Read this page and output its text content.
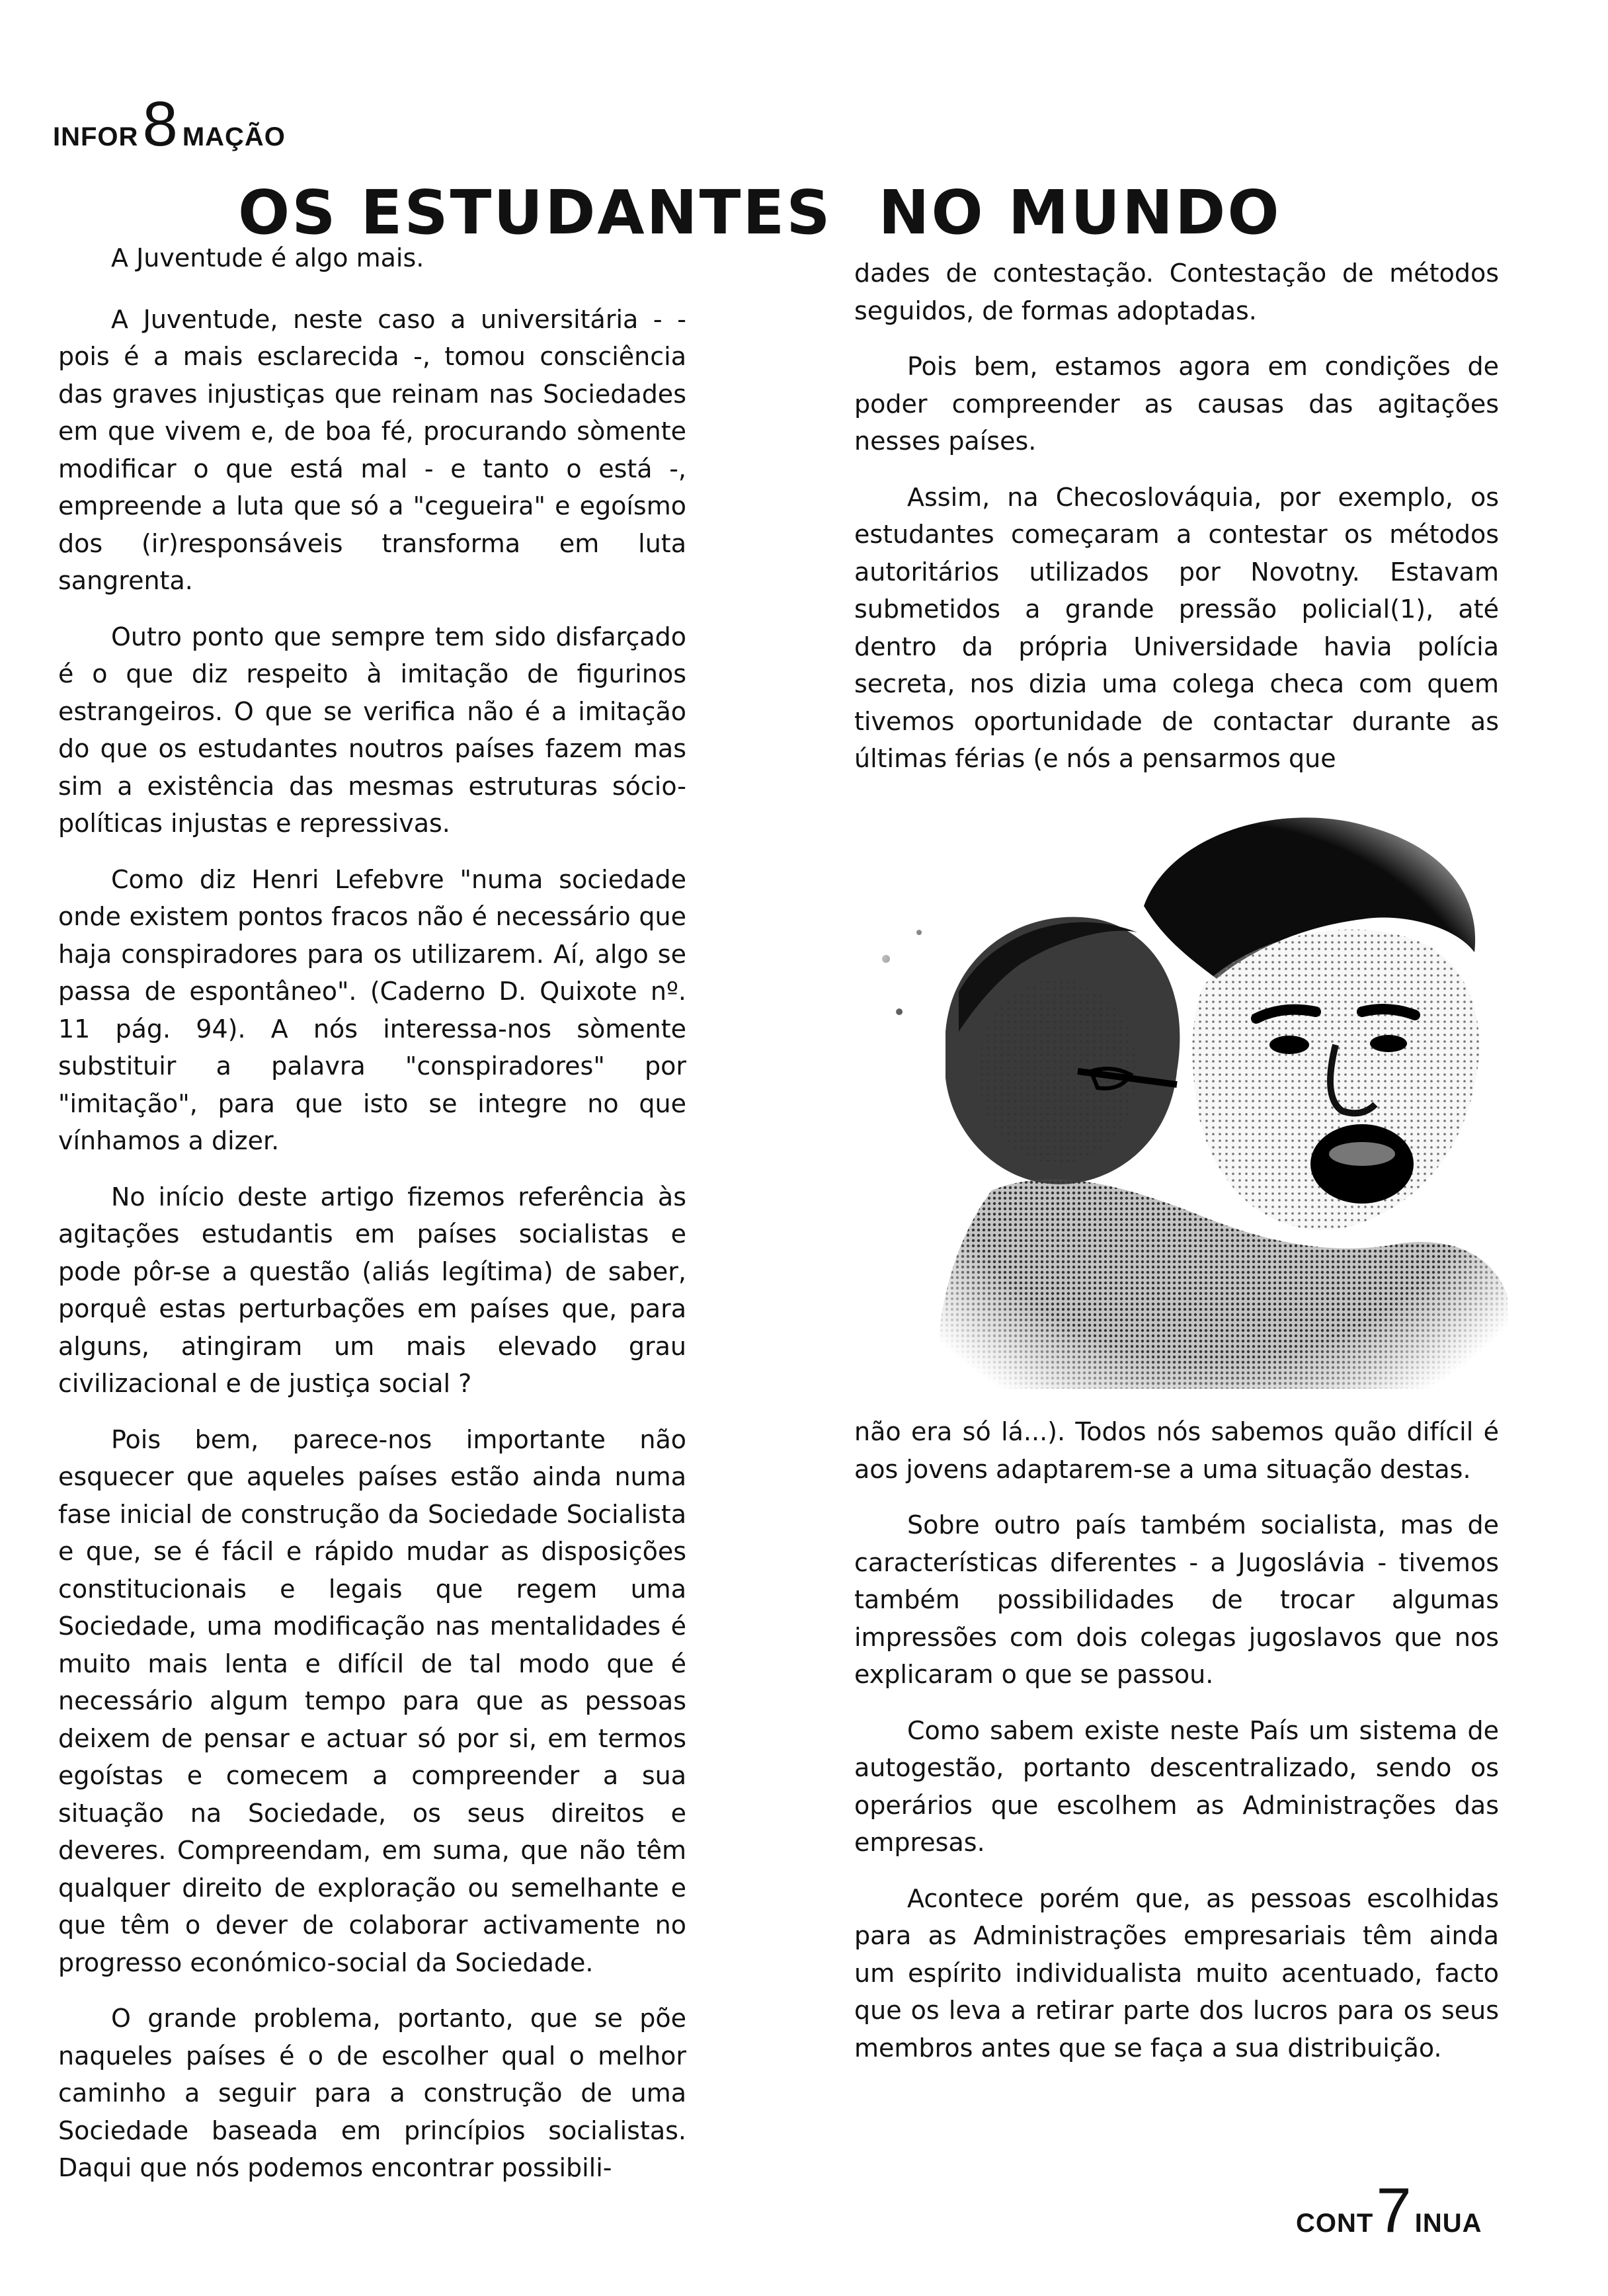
INFOR 8 MAÇÃO
OS ESTUDANTES NO MUNDO

A Juventude é algo mais.

A Juventude, neste caso a universitária - - pois é a mais esclarecida -, tomou consciência das graves injustiças que reinam nas Sociedades em que vivem e, de boa fé, procurando sòmente modificar o que está mal - e tanto o está -, empreende a luta que só a "cegueira" e egoísmo dos (ir)responsáveis transforma em luta sangrenta.

Outro ponto que sempre tem sido disfarçado é o que diz respeito à imitação de figurinos estrangeiros. O que se verifica não é a imitação do que os estudantes noutros países fazem mas sim a existência das mesmas estruturas sócio-políticas injustas e repressivas.

Como diz Henri Lefebvre "numa sociedade onde existem pontos fracos não é necessário que haja conspiradores para os utilizarem. Aí, algo se passa de espontâneo". (Caderno D. Quixote nº. 11 pág. 94). A nós interessa-nos sòmente substituir a palavra "conspiradores" por "imitação", para que isto se integre no que vínhamos a dizer.

No início deste artigo fizemos referência às agitações estudantis em países socialistas e pode pôr-se a questão (aliás legítima) de saber, porquê estas perturbações em países que, para alguns, atingiram um mais elevado grau civilizacional e de justiça social ?

Pois bem, parece-nos importante não esquecer que aqueles países estão ainda numa fase inicial de construção da Sociedade Socialista e que, se é fácil e rápido mudar as disposições constitucionais e legais que regem uma Sociedade, uma modificação nas mentalidades é muito mais lenta e difícil de tal modo que é necessário algum tempo para que as pessoas deixem de pensar e actuar só por si, em termos egoístas e comecem a compreender a sua situação na Sociedade, os seus direitos e deveres. Compreendam, em suma, que não têm qualquer direito de exploração ou semelhante e que têm o dever de colaborar activamente no progresso económico-social da Sociedade.

O grande problema, portanto, que se põe naqueles países é o de escolher qual o melhor caminho a seguir para a construção de uma Sociedade baseada em princípios socialistas. Daqui que nós podemos encontrar possibili-

dades de contestação. Contestação de métodos seguidos, de formas adoptadas.

Pois bem, estamos agora em condições de poder compreender as causas das agitações nesses países.

Assim, na Checoslováquia, por exemplo, os estudantes começaram a contestar os métodos autoritários utilizados por Novotny. Estavam submetidos a grande pressão policial(1), até dentro da própria Universidade havia polícia secreta, nos dizia uma colega checa com quem tivemos oportunidade de contactar durante as últimas férias (e nós a pensarmos que

não era só lá...). Todos nós sabemos quão difícil é aos jovens adaptarem-se a uma situação destas.

Sobre outro país também socialista, mas de características diferentes - a Jugoslávia - tivemos também possibilidades de trocar algumas impressões com dois colegas jugoslavos que nos explicaram o que se passou.

Como sabem existe neste País um sistema de autogestão, portanto descentralizado, sendo os operários que escolhem as Administrações das empresas.

Acontece porém que, as pessoas escolhidas para as Administrações empresariais têm ainda um espírito individualista muito acentuado, facto que os leva a retirar parte dos lucros para os seus membros antes que se faça a sua distribuição.

CONT 7 INUA
